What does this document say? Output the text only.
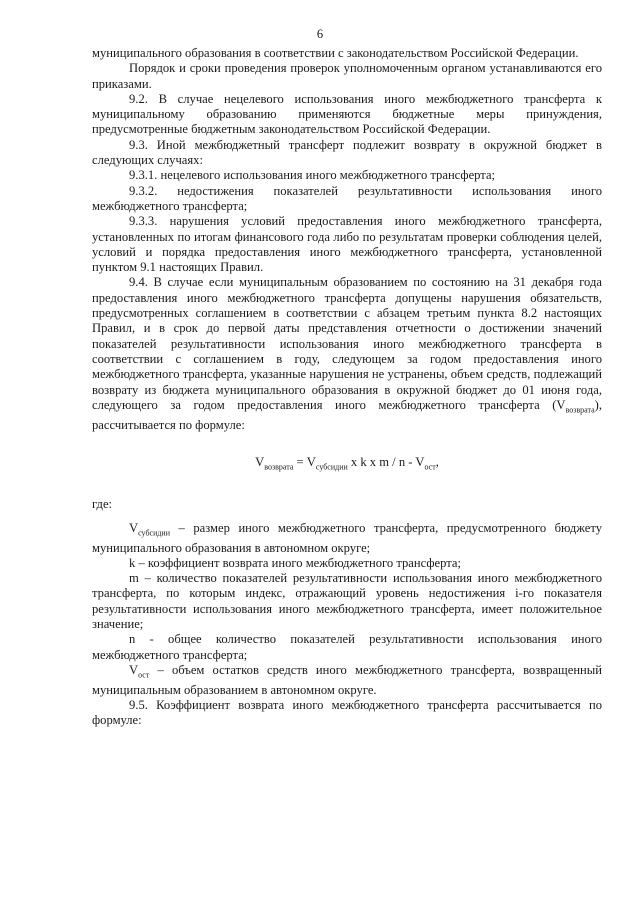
6

муниципального образования в соответствии с законодательством Российской Федерации.

Порядок и сроки проведения проверок уполномоченным органом устанавливаются его приказами.

9.2. В случае нецелевого использования иного межбюджетного трансферта к муниципальному образованию применяются бюджетные меры принуждения, предусмотренные бюджетным законодательством Российской Федерации.

9.3. Иной межбюджетный трансферт подлежит возврату в окружной бюджет в следующих случаях:

9.3.1. нецелевого использования иного межбюджетного трансферта;

9.3.2. недостижения показателей результативности использования иного межбюджетного трансферта;

9.3.3. нарушения условий предоставления иного межбюджетного трансферта, установленных по итогам финансового года либо по результатам проверки соблюдения целей, условий и порядка предоставления иного межбюджетного трансферта, установленной пунктом 9.1 настоящих Правил.

9.4. В случае если муниципальным образованием по состоянию на 31 декабря года предоставления иного межбюджетного трансферта допущены нарушения обязательств, предусмотренных соглашением в соответствии с абзацем третьим пункта 8.2 настоящих Правил, и в срок до первой даты представления отчетности о достижении значений показателей результативности использования иного межбюджетного трансферта в соответствии с соглашением в году, следующем за годом предоставления иного межбюджетного трансферта, указанные нарушения не устранены, объем средств, подлежащий возврату из бюджета муниципального образования в окружной бюджет до 01 июня года, следующего за годом предоставления иного межбюджетного трансферта $(V_{возврата})$, рассчитывается по формуле:

$V_{возврата} = V_{субсидии}$ x k x m / n - $V_{ост}$,

где:

$V_{субсидии}$ – размер иного межбюджетного трансферта, предусмотренного бюджету муниципального образования в автономном округе;

k – коэффициент возврата иного межбюджетного трансферта;

m – количество показателей результативности использования иного межбюджетного трансферта, по которым индекс, отражающий уровень недостижения i-го показателя результативности использования иного межбюджетного трансферта, имеет положительное значение;

n - общее количество показателей результативности использования иного межбюджетного трансферта;

$V_{ост}$ – объем остатков средств иного межбюджетного трансферта, возвращенный муниципальным образованием в автономном округе.

9.5. Коэффициент возврата иного межбюджетного трансферта рассчитывается по формуле:
